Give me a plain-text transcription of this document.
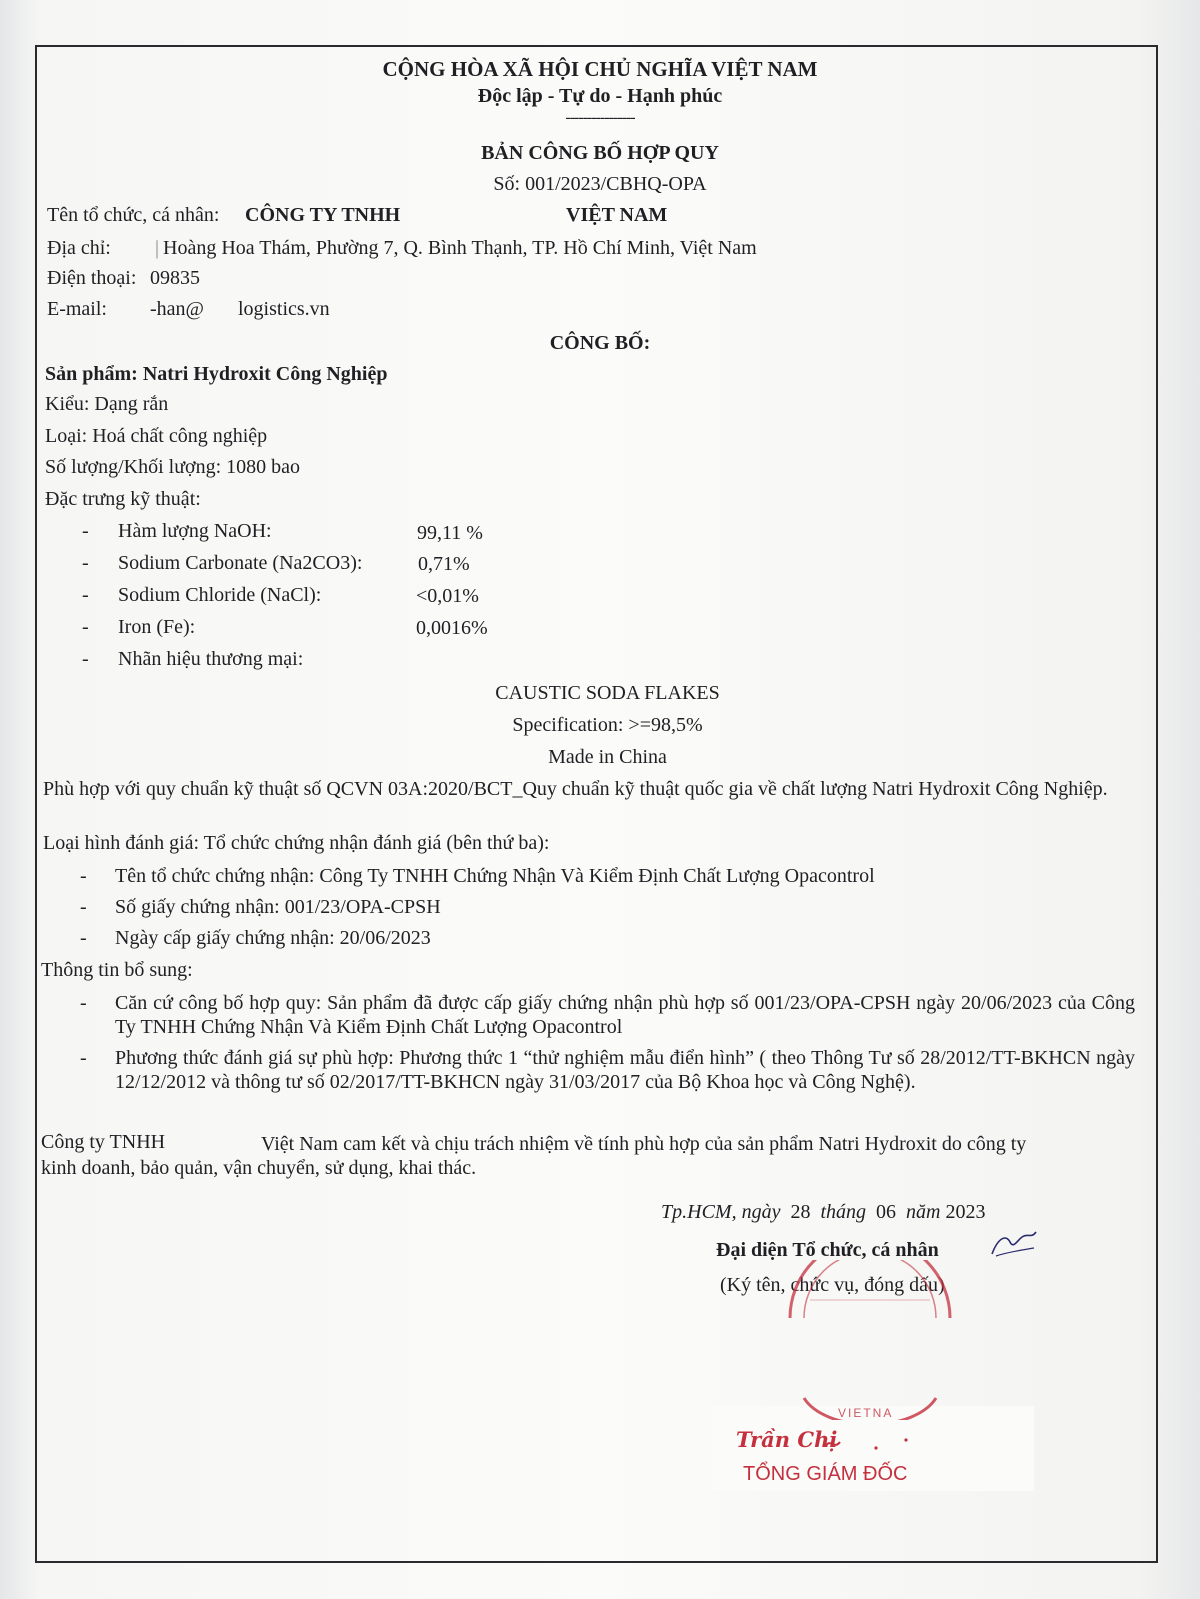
CỘNG HÒA XÃ HỘI CHỦ NGHĨA VIỆT NAM
Độc lập - Tự do - Hạnh phúc
----------------
BẢN CÔNG BỐ HỢP QUY
Số: 001/2023/CBHQ-OPA
Tên tổ chức, cá nhân: CÔNG TY TNHH	VIỆT NAM
Địa chỉ: | Hoàng Hoa Thám, Phường 7, Q. Bình Thạnh, TP. Hồ Chí Minh, Việt Nam
Điện thoại: 09835
E-mail: -han@ logistics.vn
CÔNG BỐ:
Sản phẩm: Natri Hydroxit Công Nghiệp
Kiểu: Dạng rắn
Loại: Hoá chất công nghiệp
Số lượng/Khối lượng: 1080 bao
Đặc trưng kỹ thuật:
- Hàm lượng NaOH:	99,11 %
- Sodium Carbonate (Na2CO3):	0,71%
- Sodium Chloride (NaCl):	<0,01%
- Iron (Fe):	0,0016%
- Nhãn hiệu thương mại:
CAUSTIC SODA FLAKES
Specification: >=98,5%
Made in China
Phù hợp với quy chuẩn kỹ thuật số QCVN 03A:2020/BCT_Quy chuẩn kỹ thuật quốc gia về chất lượng Natri Hydroxit Công Nghiệp.
Loại hình đánh giá: Tổ chức chứng nhận đánh giá (bên thứ ba):
- Tên tổ chức chứng nhận: Công Ty TNHH Chứng Nhận Và Kiểm Định Chất Lượng Opacontrol
- Số giấy chứng nhận: 001/23/OPA-CPSH
- Ngày cấp giấy chứng nhận: 20/06/2023
Thông tin bổ sung:
- Căn cứ công bố hợp quy: Sản phẩm đã được cấp giấy chứng nhận phù hợp số 001/23/OPA-CPSH ngày 20/06/2023 của Công Ty TNHH Chứng Nhận Và Kiểm Định Chất Lượng Opacontrol
- Phương thức đánh giá sự phù hợp: Phương thức 1 “thử nghiệm mẫu điển hình” ( theo Thông Tư số 28/2012/TT-BKHCN ngày 12/12/2012 và thông tư số 02/2017/TT-BKHCN ngày 31/03/2017 của Bộ Khoa học và Công Nghệ).
Công ty TNHH	Việt Nam cam kết và chịu trách nhiệm về tính phù hợp của sản phẩm Natri Hydroxit do công ty
kinh doanh, bảo quản, vận chuyển, sử dụng, khai thác.
Tp.HCM, ngày 28 tháng 06 năm 2023
Đại diện Tổ chức, cá nhân
(Ký tên, chức vụ, đóng dấu)
VIETNA
Trần Chị
TỔNG GIÁM ĐỐC
